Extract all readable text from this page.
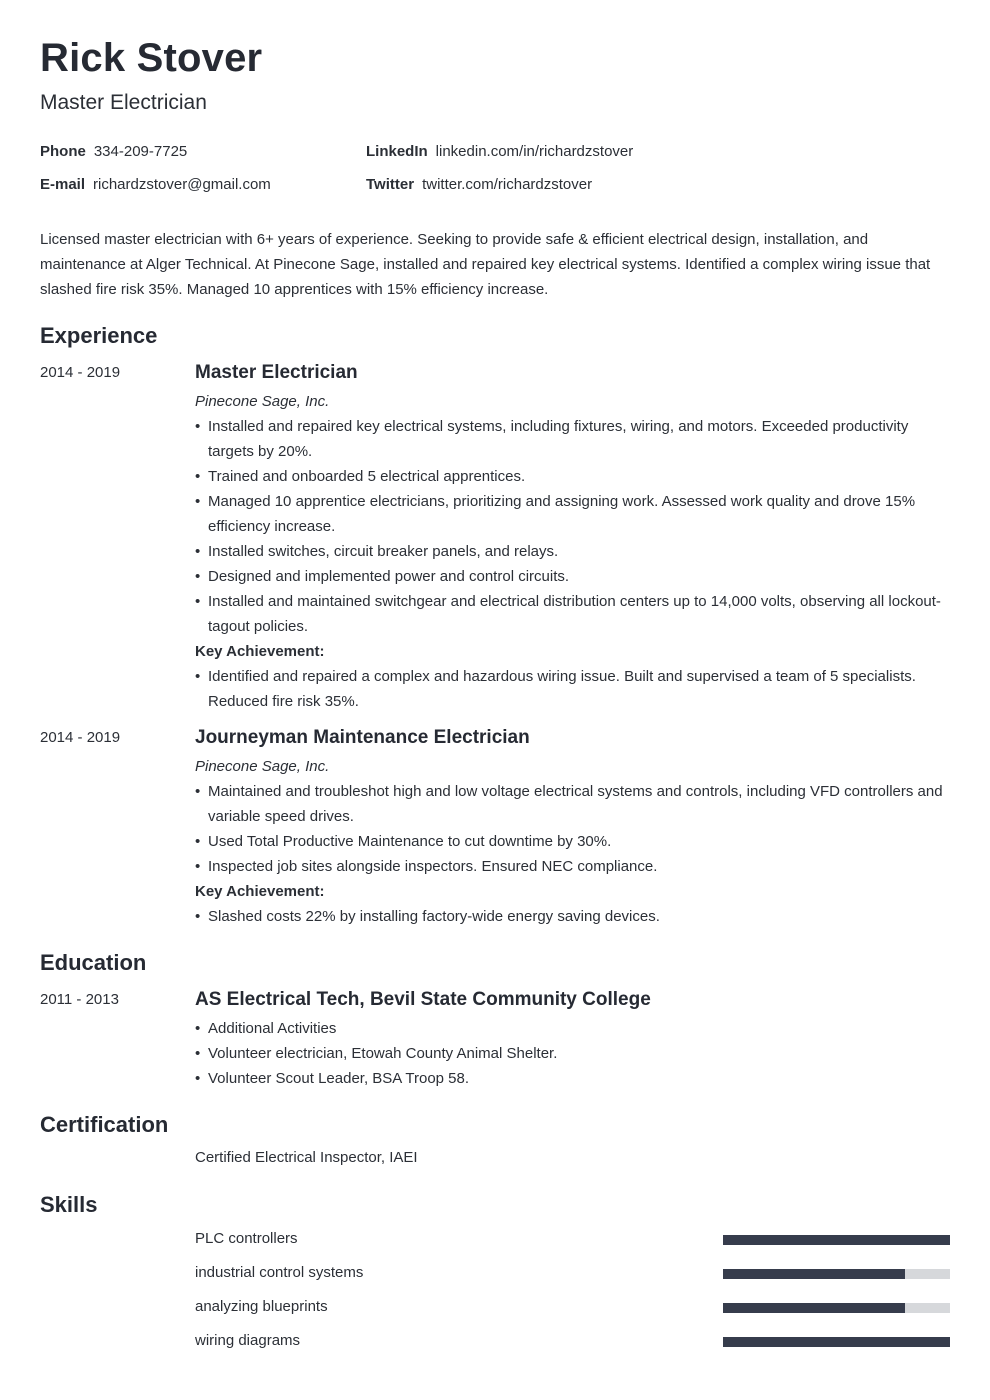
Rick Stover
Master Electrician
Phone 334-209-7725	LinkedIn linkedin.com/in/richardzstover
E-mail richardzstover@gmail.com	Twitter twitter.com/richardzstover

Licensed master electrician with 6+ years of experience. Seeking to provide safe & efficient electrical design, installation, and maintenance at Alger Technical. At Pinecone Sage, installed and repaired key electrical systems. Identified a complex wiring issue that slashed fire risk 35%. Managed 10 apprentices with 15% efficiency increase.

Experience
2014 - 2019	Master Electrician
Pinecone Sage, Inc.
• Installed and repaired key electrical systems, including fixtures, wiring, and motors. Exceeded productivity targets by 20%.
• Trained and onboarded 5 electrical apprentices.
• Managed 10 apprentice electricians, prioritizing and assigning work. Assessed work quality and drove 15% efficiency increase.
• Installed switches, circuit breaker panels, and relays.
• Designed and implemented power and control circuits.
• Installed and maintained switchgear and electrical distribution centers up to 14,000 volts, observing all lockout-tagout policies.
Key Achievement:
• Identified and repaired a complex and hazardous wiring issue. Built and supervised a team of 5 specialists. Reduced fire risk 35%.
2014 - 2019	Journeyman Maintenance Electrician
Pinecone Sage, Inc.
• Maintained and troubleshot high and low voltage electrical systems and controls, including VFD controllers and variable speed drives.
• Used Total Productive Maintenance to cut downtime by 30%.
• Inspected job sites alongside inspectors. Ensured NEC compliance.
Key Achievement:
• Slashed costs 22% by installing factory-wide energy saving devices.
Education
2011 - 2013	AS Electrical Tech, Bevil State Community College
• Additional Activities
• Volunteer electrician, Etowah County Animal Shelter.
• Volunteer Scout Leader, BSA Troop 58.
Certification
Certified Electrical Inspector, IAEI
Skills
PLC controllers
industrial control systems
analyzing blueprints
wiring diagrams
